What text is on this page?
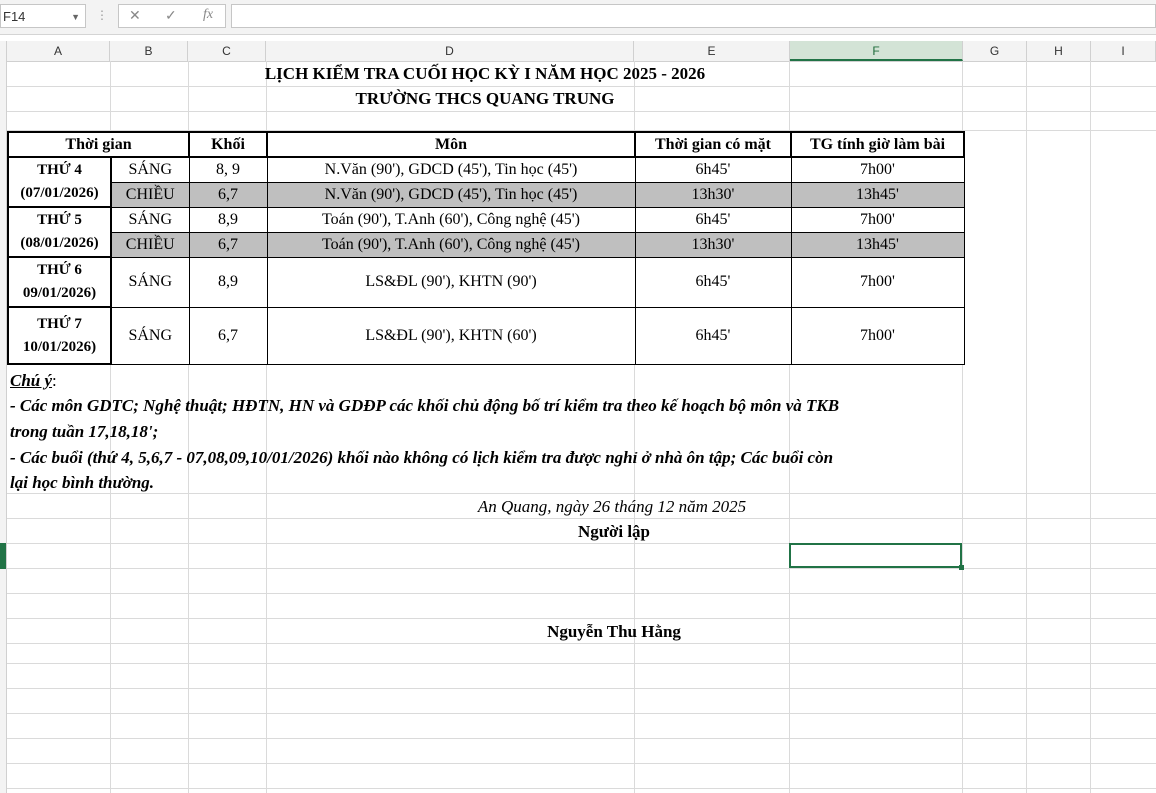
F14	▼ ⋮ ✕ ✓ fx
A	B	C	D	E	F	G	H	I
LỊCH KIỂM TRA CUỐI HỌC KỲ I NĂM HỌC 2025 - 2026
TRƯỜNG THCS QUANG TRUNG
Thời gian		Khối	Môn	Thời gian có mặt	TG tính giờ làm bài

THỨ 4
(07/01/2026)	SÁNG	8, 9	N.Văn (90'), GDCD (45'), Tin học (45')	6h45'	7h00'
	CHIỀU	6,7	N.Văn (90'), GDCD (45'), Tin học (45')	13h30'	13h45'

THỨ 5
(08/01/2026)	SÁNG	8,9	Toán (90'), T.Anh (60'), Công nghệ (45')	6h45'	7h00'
	CHIỀU	6,7	Toán (90'), T.Anh (60'), Công nghệ (45')	13h30'	13h45'

THỨ 6
09/01/2026)	SÁNG	8,9	LS&ĐL (90'), KHTN (90')	6h45'	7h00'

THỨ 7
10/01/2026)	SÁNG	6,7	LS&ĐL (90'), KHTN (60')	6h45'	7h00'
Chú ý:
- Các môn GDTC; Nghệ thuật; HĐTN, HN và GDĐP các khối chủ động bố trí kiểm tra theo kế hoạch bộ môn và TKB
trong tuần 17,18,18';
- Các buổi (thứ 4, 5,6,7 - 07,08,09,10/01/2026) khối nào không có lịch kiểm tra được nghỉ ở nhà ôn tập; Các buổi còn
lại học bình thường.
An Quang, ngày 26 tháng 12 năm 2025
Người lập
Nguyễn Thu Hằng
